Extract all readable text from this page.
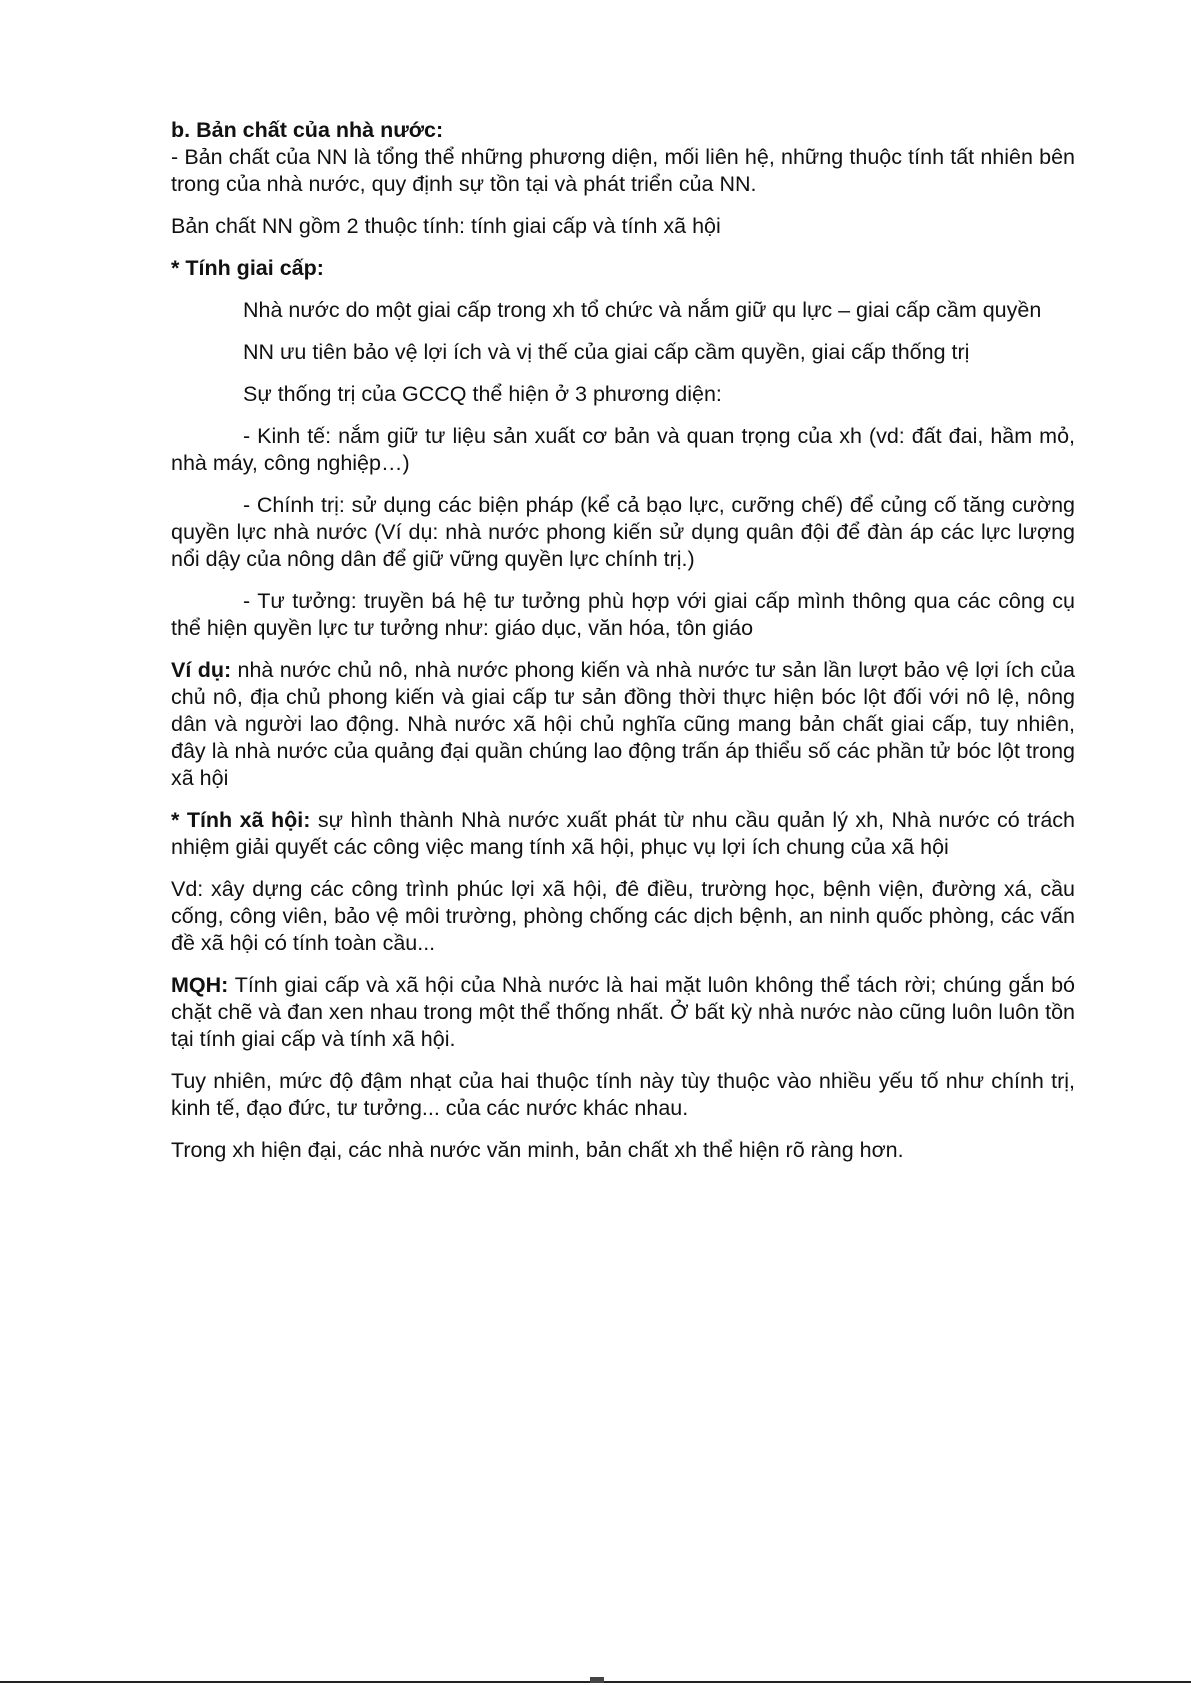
b. Bản chất của nhà nước:

- Bản chất của NN là tổng thể những phương diện, mối liên hệ, những thuộc tính tất nhiên bên trong của nhà nước, quy định sự tồn tại và phát triển của NN.

Bản chất NN gồm 2 thuộc tính: tính giai cấp và tính xã hội

* Tính giai cấp:

Nhà nước do một giai cấp trong xh tổ chức và nắm giữ qu lực – giai cấp cầm quyền

NN ưu tiên bảo vệ lợi ích và vị thế của giai cấp cầm quyền, giai cấp thống trị

Sự thống trị của GCCQ thể hiện ở 3 phương diện:

- Kinh tế: nắm giữ tư liệu sản xuất cơ bản và quan trọng của xh (vd: đất đai, hầm mỏ, nhà máy, công nghiệp…)

- Chính trị: sử dụng các biện pháp (kể cả bạo lực, cưỡng chế) để củng cố tăng cường quyền lực nhà nước (Ví dụ: nhà nước phong kiến sử dụng quân đội để đàn áp các lực lượng nổi dậy của nông dân để giữ vững quyền lực chính trị.)

- Tư tưởng: truyền bá hệ tư tưởng phù hợp với giai cấp mình thông qua các công cụ thể hiện quyền lực tư tưởng như: giáo dục, văn hóa, tôn giáo

Ví dụ: nhà nước chủ nô, nhà nước phong kiến và nhà nước tư sản lần lượt bảo vệ lợi ích của chủ nô, địa chủ phong kiến và giai cấp tư sản đồng thời thực hiện bóc lột đối với nô lệ, nông dân và người lao động. Nhà nước xã hội chủ nghĩa cũng mang bản chất giai cấp, tuy nhiên, đây là nhà nước của quảng đại quần chúng lao động trấn áp thiểu số các phần tử bóc lột trong xã hội

* Tính xã hội: sự hình thành Nhà nước xuất phát từ nhu cầu quản lý xh, Nhà nước có trách nhiệm giải quyết các công việc mang tính xã hội, phục vụ lợi ích chung của xã hội

Vd: xây dựng các công trình phúc lợi xã hội, đê điều, trường học, bệnh viện, đường xá, cầu cống, công viên, bảo vệ môi trường, phòng chống các dịch bệnh, an ninh quốc phòng, các vấn đề xã hội có tính toàn cầu...

MQH: Tính giai cấp và xã hội của Nhà nước là hai mặt luôn không thể tách rời; chúng gắn bó chặt chẽ và đan xen nhau trong một thể thống nhất. Ở bất kỳ nhà nước nào cũng luôn luôn tồn tại tính giai cấp và tính xã hội.

Tuy nhiên, mức độ đậm nhạt của hai thuộc tính này tùy thuộc vào nhiều yếu tố như chính trị, kinh tế, đạo đức, tư tưởng... của các nước khác nhau.

Trong xh hiện đại, các nhà nước văn minh, bản chất xh thể hiện rõ ràng hơn.
